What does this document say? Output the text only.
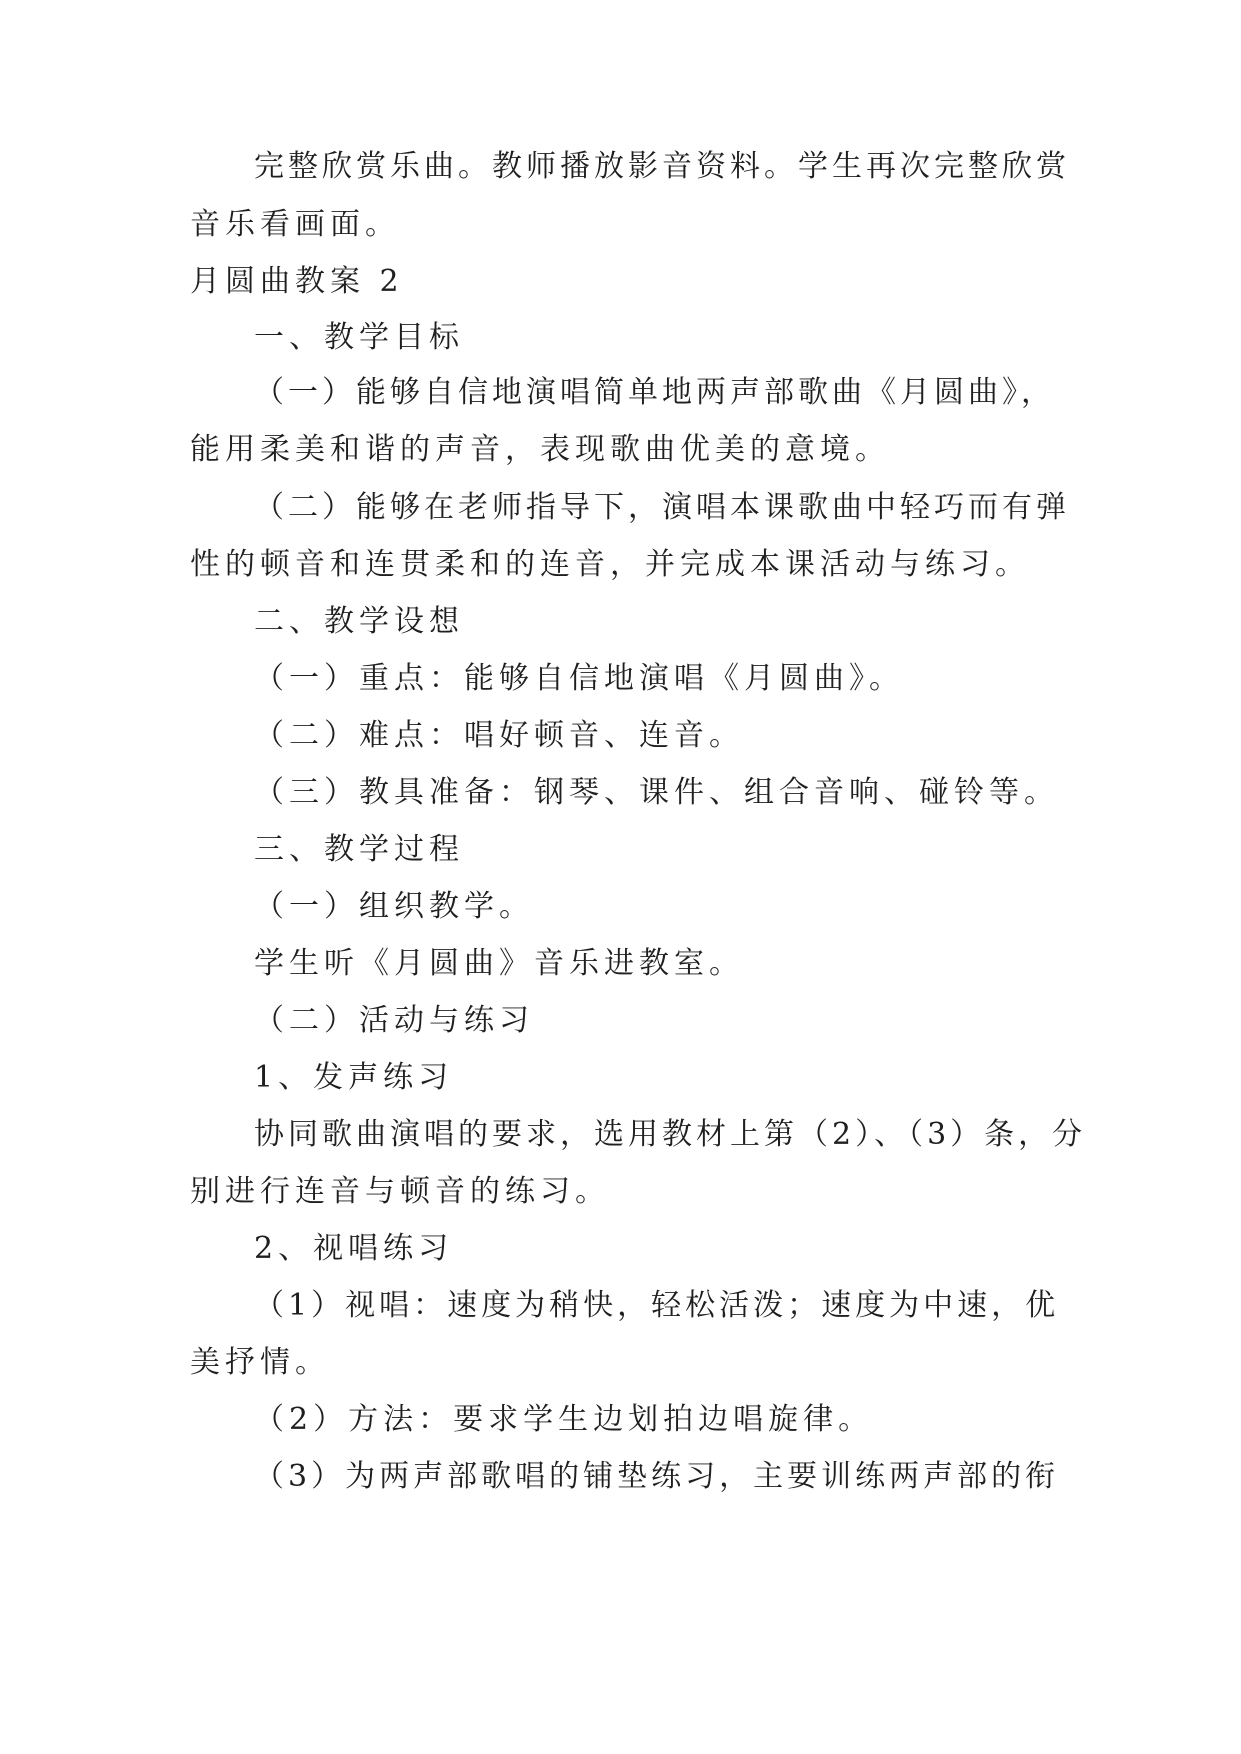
完整欣赏乐曲。教师播放影音资料。学生再次完整欣赏

音乐看画面。

月圆曲教案 2

一、教学目标

（一）能够自信地演唱简单地两声部歌曲《月圆曲》，

能用柔美和谐的声音，表现歌曲优美的意境。

（二）能够在老师指导下，演唱本课歌曲中轻巧而有弹

性的顿音和连贯柔和的连音，并完成本课活动与练习。

二、教学设想

（一）重点：能够自信地演唱《月圆曲》。

（二）难点：唱好顿音、连音。

（三）教具准备：钢琴、课件、组合音响、碰铃等。

三、教学过程

（一）组织教学。

学生听《月圆曲》音乐进教室。

（二）活动与练习

1、发声练习

协同歌曲演唱的要求，选用教材上第（2）、（3）条，分

别进行连音与顿音的练习。

2、视唱练习

（1）视唱：速度为稍快，轻松活泼；速度为中速，优

美抒情。

（2）方法：要求学生边划拍边唱旋律。

（3）为两声部歌唱的铺垫练习，主要训练两声部的衔
